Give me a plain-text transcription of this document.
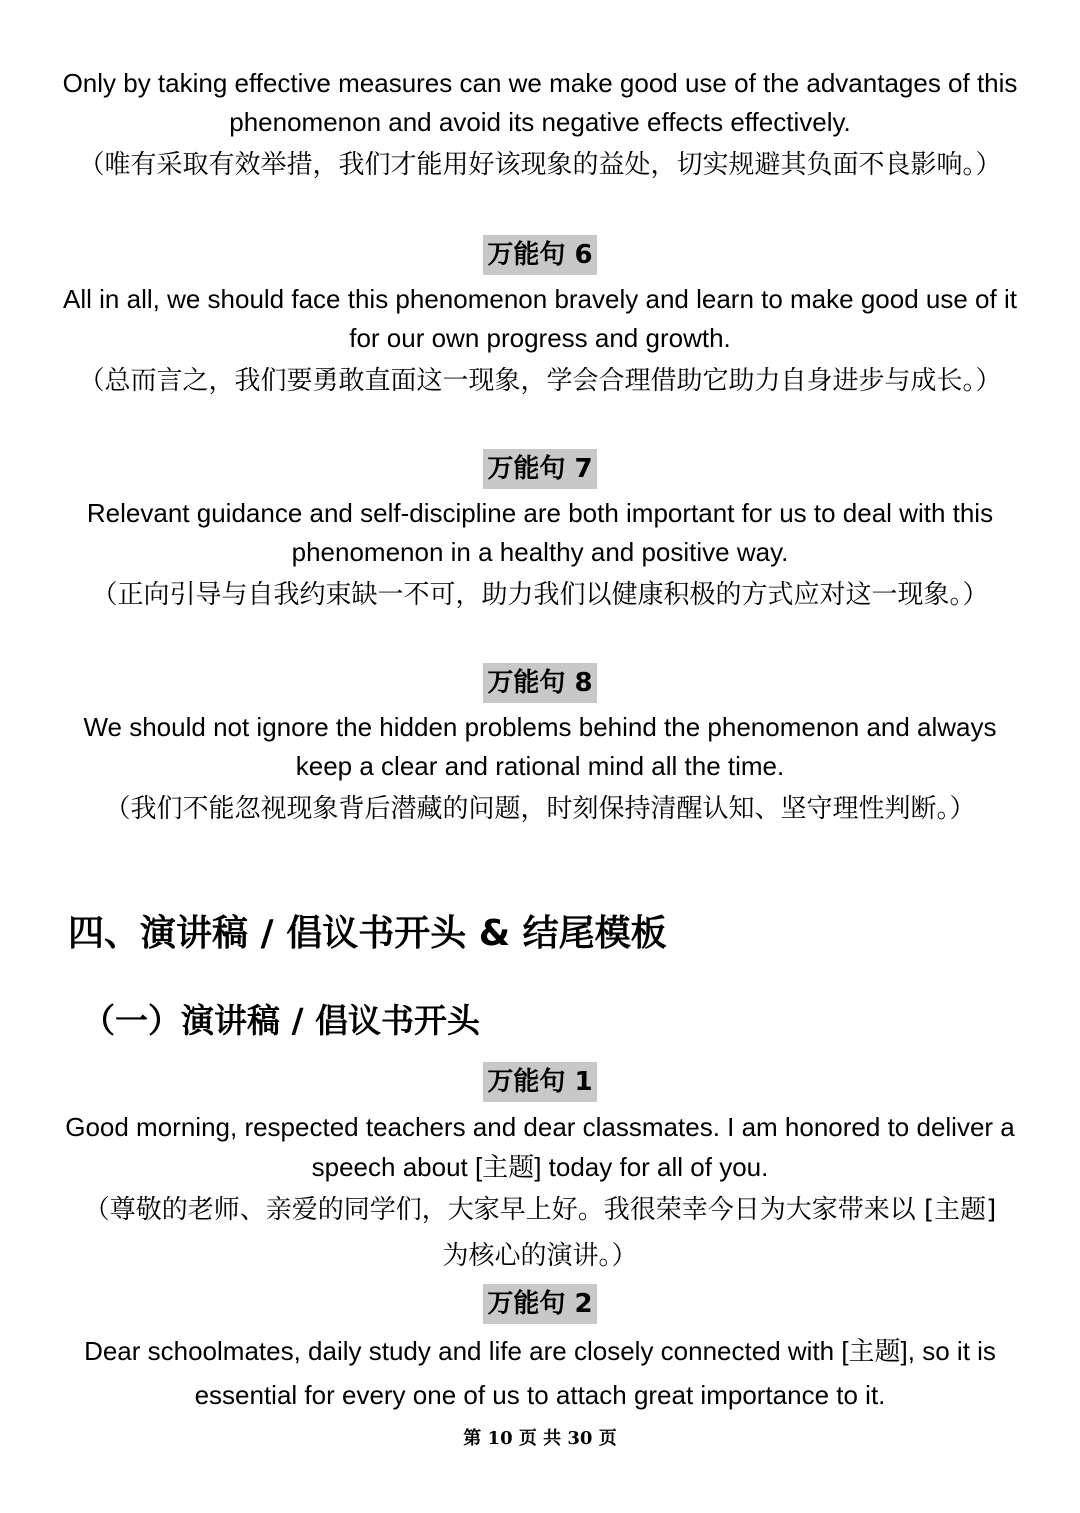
Only by taking effective measures can we make good use of the advantages of this phenomenon and avoid its negative effects effectively.

（唯有采取有效举措，我们才能用好该现象的益处，切实规避其负面不良影响。）

万能句 6

All in all, we should face this phenomenon bravely and learn to make good use of it for our own progress and growth.

（总而言之，我们要勇敢直面这一现象，学会合理借助它助力自身进步与成长。）

万能句 7

Relevant guidance and self-discipline are both important for us to deal with this phenomenon in a healthy and positive way.

（正向引导与自我约束缺一不可，助力我们以健康积极的方式应对这一现象。）

万能句 8

We should not ignore the hidden problems behind the phenomenon and always keep a clear and rational mind all the time.

（我们不能忽视现象背后潜藏的问题，时刻保持清醒认知、坚守理性判断。）

四、演讲稿 / 倡议书开头 & 结尾模板
（一）演讲稿 / 倡议书开头
万能句 1

Good morning, respected teachers and dear classmates. I am honored to deliver a speech about [主题] today for all of you.

（尊敬的老师、亲爱的同学们，大家早上好。我很荣幸今日为大家带来以 [主题] 为核心的演讲。）

万能句 2

Dear schoolmates, daily study and life are closely connected with [主题], so it is essential for every one of us to attach great importance to it.

第 10 页 共 30 页
